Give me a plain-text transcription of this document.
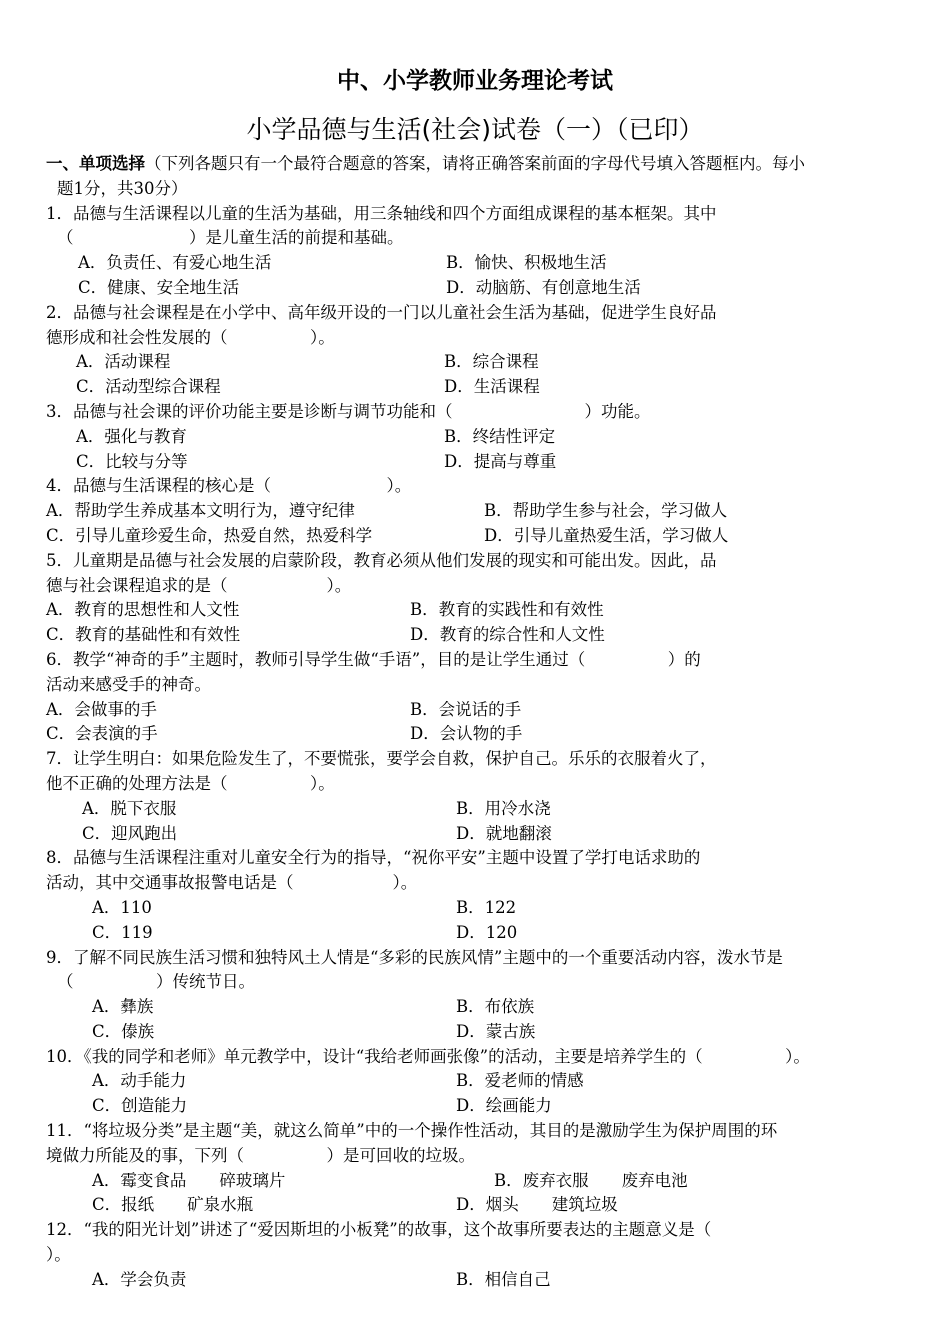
中、小学教师业务理论考试
小学品德与生活(社会)试卷（一）（已印）
一、单项选择（下列各题只有一个最符合题意的答案，请将正确答案前面的字母代号填入答题框内。每小
题1分，共30分）
1．品德与生活课程以儿童的生活为基础，用三条轴线和四个方面组成课程的基本框架。其中
（　　　　　　　）是儿童生活的前提和基础。
A．负责任、有爱心地生活	B．愉快、积极地生活
C．健康、安全地生活	D．动脑筋、有创意地生活
2．品德与社会课程是在小学中、高年级开设的一门以儿童社会生活为基础，促进学生良好品
德形成和社会性发展的（　　　　　）。
A．活动课程	B．综合课程
C．活动型综合课程	D．生活课程
3．品德与社会课的评价功能主要是诊断与调节功能和（　　　　　　　　）功能。
A．强化与教育	B．终结性评定
C．比较与分等	D．提高与尊重
4．品德与生活课程的核心是（　　　　　　　）。
A．帮助学生养成基本文明行为，遵守纪律	B．帮助学生参与社会，学习做人
C．引导儿童珍爱生命，热爱自然，热爱科学	D．引导儿童热爱生活，学习做人
5．儿童期是品德与社会发展的启蒙阶段，教育必须从他们发展的现实和可能出发。因此，品
德与社会课程追求的是（　　　　　　）。
A．教育的思想性和人文性	B．教育的实践性和有效性
C．教育的基础性和有效性	D．教育的综合性和人文性
6．教学“神奇的手”主题时，教师引导学生做“手语”，目的是让学生通过（　　　　　）的
活动来感受手的神奇。
A．会做事的手	B．会说话的手
C．会表演的手	D．会认物的手
7．让学生明白：如果危险发生了，不要慌张，要学会自救，保护自己。乐乐的衣服着火了，
他不正确的处理方法是（　　　　　）。
A．脱下衣服	B．用冷水浇
C．迎风跑出	D．就地翻滚
8．品德与生活课程注重对儿童安全行为的指导，“祝你平安”主题中设置了学打电话求助的
活动，其中交通事故报警电话是（　　　　　　）。
A．110	B．122
C．119	D．120
9．了解不同民族生活习惯和独特风土人情是“多彩的民族风情”主题中的一个重要活动内容，泼水节是
（　　　　　）传统节日。
A．彝族	B．布依族
C．傣族	D．蒙古族
10．《我的同学和老师》单元教学中，设计“我给老师画张像”的活动，主要是培养学生的（　　　　　）。
A．动手能力	B．爱老师的情感
C．创造能力	D．绘画能力
11．“将垃圾分类”是主题“美，就这么简单”中的一个操作性活动，其目的是激励学生为保护周围的环
境做力所能及的事，下列（　　　　　）是可回收的垃圾。
A．霉变食品　　碎玻璃片	B．废弃衣服　　废弃电池
C．报纸　　矿泉水瓶	D．烟头　　建筑垃圾
12．“我的阳光计划”讲述了“爱因斯坦的小板凳”的故事，这个故事所要表达的主题意义是（
）。
A．学会负责	B．相信自己
